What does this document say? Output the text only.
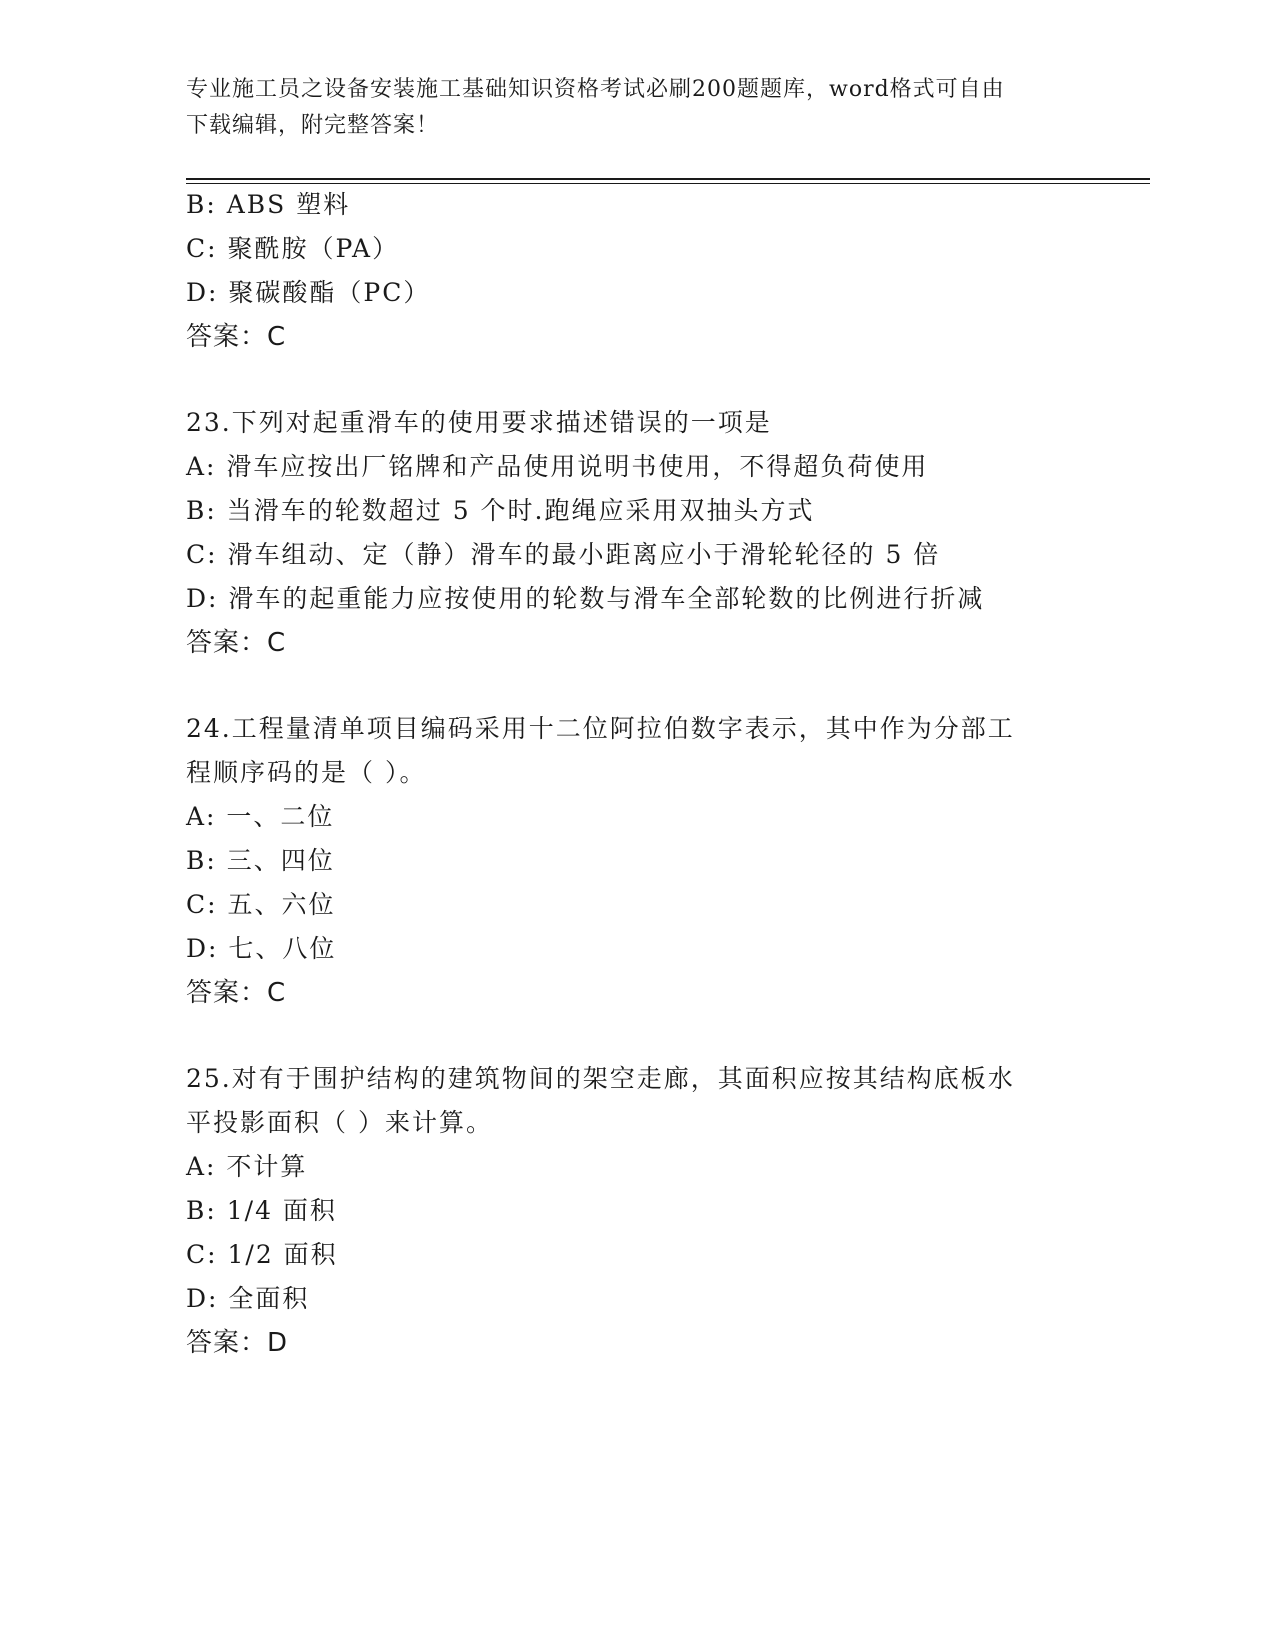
专业施工员之设备安装施工基础知识资格考试必刷200题题库，word格式可自由
下载编辑，附完整答案！
B: ABS 塑料
C: 聚酰胺（PA）
D: 聚碳酸酯（PC）
答案：C
23.下列对起重滑车的使用要求描述错误的一项是
A: 滑车应按出厂铭牌和产品使用说明书使用，不得超负荷使用
B: 当滑车的轮数超过 5 个时.跑绳应采用双抽头方式
C: 滑车组动、定（静）滑车的最小距离应小于滑轮轮径的 5 倍
D: 滑车的起重能力应按使用的轮数与滑车全部轮数的比例进行折减
答案：C
24.工程量清单项目编码采用十二位阿拉伯数字表示，其中作为分部工
程顺序码的是（ ）。
A: 一、二位
B: 三、四位
C: 五、六位
D: 七、八位
答案：C
25.对有于围护结构的建筑物间的架空走廊，其面积应按其结构底板水
平投影面积（ ）来计算。
A: 不计算
B: 1/4 面积
C: 1/2 面积
D: 全面积
答案：D
